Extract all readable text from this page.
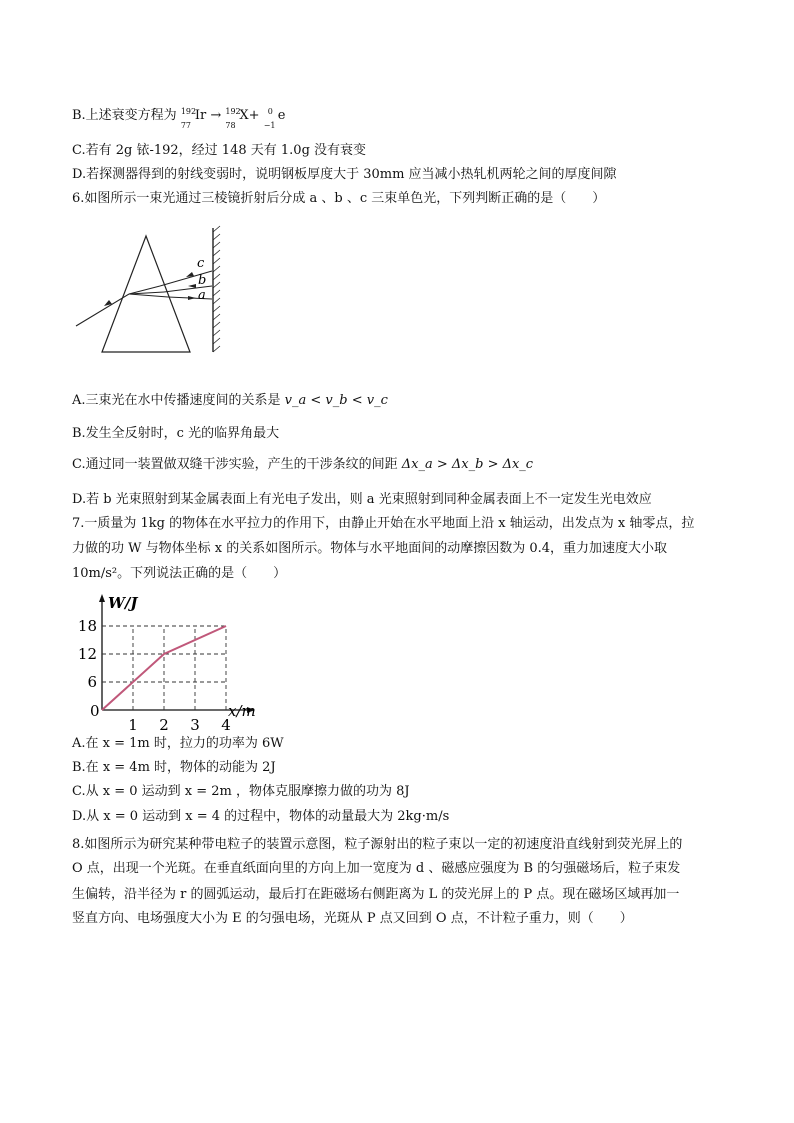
B.上述衰变方程为 192
77
Ir → 192
78
X+ 0
−1
e
C.若有 2g 铱-192，经过 148 天有 1.0g 没有衰变
D.若探测器得到的射线变弱时，说明钢板厚度大于 30mm 应当减小热轧机两轮之间的厚度间隙
6.如图所示一束光通过三棱镜折射后分成 a 、b 、c 三束单色光，下列判断正确的是（　　）
c
b
a
A.三束光在水中传播速度间的关系是 v_a < v_b < v_c
B.发生全反射时，c 光的临界角最大
C.通过同一装置做双缝干涉实验，产生的干涉条纹的间距 Δx_a > Δx_b > Δx_c
D.若 b 光束照射到某金属表面上有光电子发出，则 a 光束照射到同种金属表面上不一定发生光电效应
7.一质量为 1kg 的物体在水平拉力的作用下，由静止开始在水平地面上沿 x 轴运动，出发点为 x 轴零点，拉
力做的功 W 与物体坐标 x 的关系如图所示。物体与水平地面间的动摩擦因数为 0.4，重力加速度大小取
10m/s²。下列说法正确的是（　　）
6
12
18
1 2 3 4
W/J
x/m
0
A.在 x = 1m 时，拉力的功率为 6W
B.在 x = 4m 时，物体的动能为 2J
C.从 x = 0 运动到 x = 2m ，物体克服摩擦力做的功为 8J
D.从 x = 0 运动到 x = 4 的过程中，物体的动量最大为 2kg·m/s
8.如图所示为研究某种带电粒子的装置示意图，粒子源射出的粒子束以一定的初速度沿直线射到荧光屏上的
O 点，出现一个光斑。在垂直纸面向里的方向上加一宽度为 d 、磁感应强度为 B 的匀强磁场后，粒子束发
生偏转，沿半径为 r 的圆弧运动，最后打在距磁场右侧距离为 L 的荧光屏上的 P 点。现在磁场区域再加一
竖直方向、电场强度大小为 E 的匀强电场，光斑从 P 点又回到 O 点，不计粒子重力，则（　　）
